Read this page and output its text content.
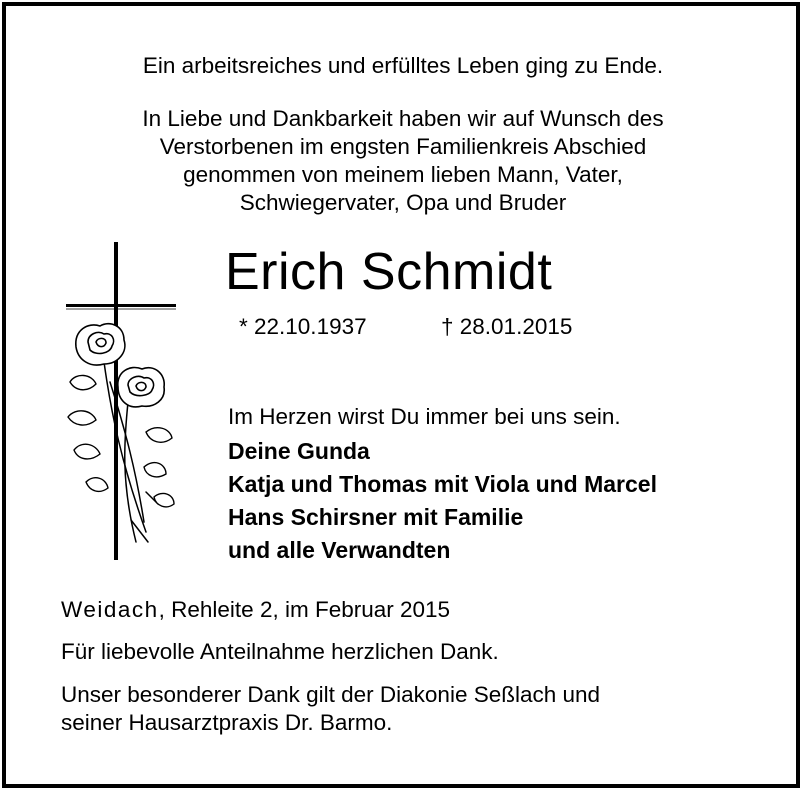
Ein arbeitsreiches und erfülltes Leben ging zu Ende.
In Liebe und Dankbarkeit haben wir auf Wunsch des
Verstorbenen im engsten Familienkreis Abschied
genommen von meinem lieben Mann, Vater,
Schwiegervater, Opa und Bruder
Erich Schmidt
* 22.10.1937	† 28.01.2015
Im Herzen wirst Du immer bei uns sein.
Deine Gunda
Katja und Thomas mit Viola und Marcel
Hans Schirsner mit Familie
und alle Verwandten
Weidach, Rehleite 2, im Februar 2015
Für liebevolle Anteilnahme herzlichen Dank.
Unser besonderer Dank gilt der Diakonie Seßlach und
seiner Hausarztpraxis Dr. Barmo.
